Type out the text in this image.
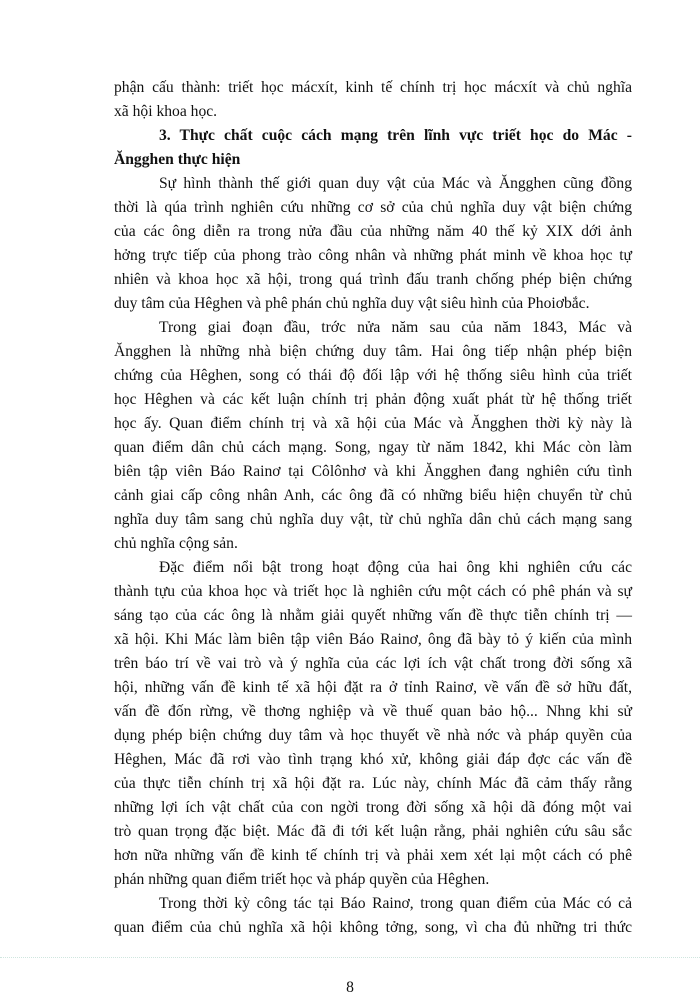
phận cấu thành: triết học mácxít, kinh tế chính trị học mácxít và chủ nghĩa
xã hội khoa học.
3. Thực chất cuộc cách mạng trên lĩnh vực triết học do Mác -
Ăngghen thực hiện
Sự hình thành thế giới quan duy vật của Mác và Ăngghen cũng đồng
thời là qúa trình nghiên cứu những cơ sở của chủ nghĩa duy vật biện chứng
của các ông diễn ra trong nửa đầu của những năm 40 thế kỷ XIX dới ảnh
hởng trực tiếp của phong trào công nhân và những phát minh về khoa học tự
nhiên và khoa học xã hội, trong quá trình đấu tranh chống phép biện chứng
duy tâm của Hêghen và phê phán chủ nghĩa duy vật siêu hình của Phoiơbắc.
Trong giai đoạn đầu, trớc nửa năm sau của năm 1843, Mác và
Ăngghen là những nhà biện chứng duy tâm. Hai ông tiếp nhận phép biện
chứng của Hêghen, song có thái độ đối lập với hệ thống siêu hình của triết
học Hêghen và các kết luận chính trị phản động xuất phát từ hệ thống triết
học ấy. Quan điểm chính trị và xã hội của Mác và Ăngghen thời kỳ này là
quan điểm dân chủ cách mạng. Song, ngay từ năm 1842, khi Mác còn làm
biên tập viên Báo Rainơ tại Côlônhơ và khi Ăngghen đang nghiên cứu tình
cảnh giai cấp công nhân Anh, các ông đã có những biểu hiện chuyển từ chủ
nghĩa duy tâm sang chủ nghĩa duy vật, từ chủ nghĩa dân chủ cách mạng sang
chủ nghĩa cộng sản.
Đặc điểm nổi bật trong hoạt động của hai ông khi nghiên cứu các
thành tựu của khoa học và triết học là nghiên cứu một cách có phê phán và sự
sáng tạo của các ông là nhằm giải quyết những vấn đề thực tiễn chính trị —
xã hội. Khi Mác làm biên tập viên Báo Rainơ, ông đã bày tỏ ý kiến của mình
trên báo trí về vai trò và ý nghĩa của các lợi ích vật chất trong đời sống xã
hội, những vấn đề kinh tế xã hội đặt ra ở tỉnh Rainơ, về vấn đề sở hữu đất,
vấn đề đốn rừng, về thơng nghiệp và về thuế quan bảo hộ... Nhng khi sử
dụng phép biện chứng duy tâm và học thuyết về nhà nớc và pháp quyền của
Hêghen, Mác đã rơi vào tình trạng khó xử, không giải đáp đợc các vấn đề
của thực tiễn chính trị xã hội đặt ra. Lúc này, chính Mác đã cảm thấy rằng
những lợi ích vật chất của con ngời trong đời sống xã hội dã đóng một vai
trò quan trọng đặc biệt. Mác đã đi tới kết luận rằng, phải nghiên cứu sâu sắc
hơn nữa những vấn đề kinh tế chính trị và phải xem xét lại một cách có phê
phán những quan điểm triết học và pháp quyền của Hêghen.
Trong thời kỳ công tác tại Báo Rainơ, trong quan điểm của Mác có cả
quan điểm của chủ nghĩa xã hội không tởng, song, vì cha đủ những tri thức
8
